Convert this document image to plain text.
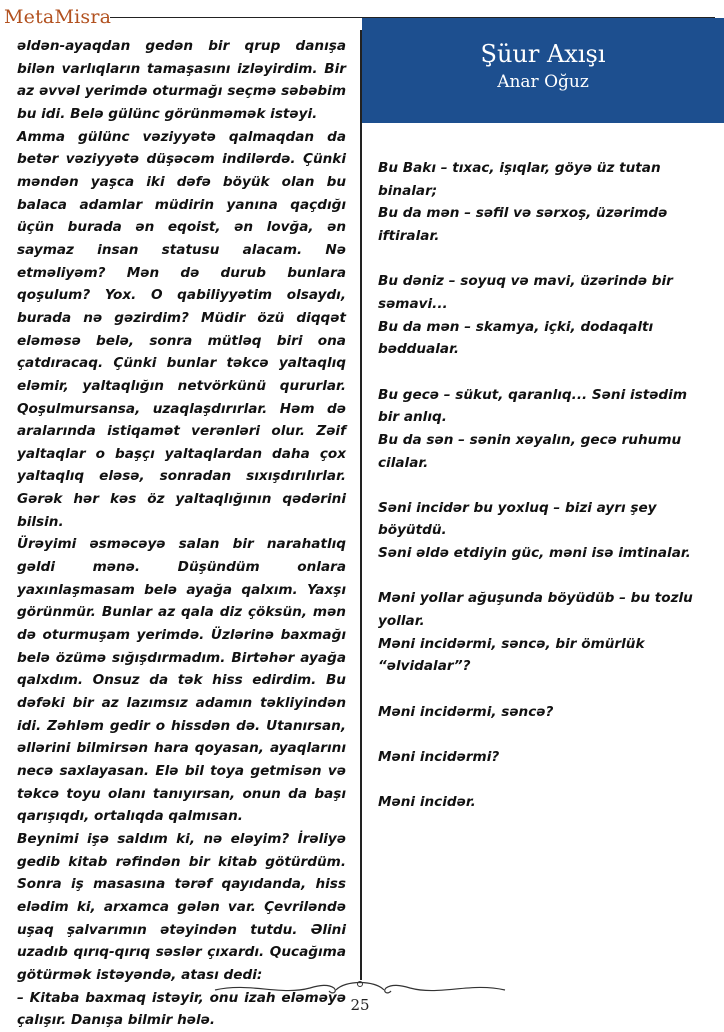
MetaMisra

əldən-ayaqdan gedən bir qrup danışa bilən varlıqların tamaşasını izləyirdim. Bir az əvvəl yerimdə oturmağı seçmə səbəbim bu idi. Belə gülünc görünməmək istəyi.

Amma gülünc vəziyyətə qalmaqdan da betər vəziyyətə düşəcəm indilərdə. Çünki məndən yaşca iki dəfə böyük olan bu balaca adamlar müdirin yanına qaçdığı üçün burada ən eqoist, ən lovğa, ən saymaz insan statusu alacam. Nə etməliyəm? Mən də durub bunlara qoşulum? Yox. O qabiliyyətim olsaydı, burada nə gəzirdim? Müdir özü diqqət eləməsə belə, sonra mütləq biri ona çatdıracaq. Çünki bunlar təkcə yaltaqlıq eləmir, yaltaqlığın netvörkünü qururlar. Qoşulmursansa, uzaqlaşdırırlar. Həm də aralarında istiqamət verənləri olur. Zəif yaltaqlar o başçı yaltaqlardan daha çox yaltaqlıq eləsə, sonradan sıxışdırılırlar. Gərək hər kəs öz yaltaqlığının qədərini bilsin.

Ürəyimi əsməcəyə salan bir narahatlıq gəldi mənə. Düşündüm onlara yaxınlaşmasam belə ayağa qalxım. Yaxşı görünmür. Bunlar az qala diz çöksün, mən də oturmuşam yerimdə. Üzlərinə baxmağı belə özümə sığışdırmadım. Birtəhər ayağa qalxdım. Onsuz da tək hiss edirdim. Bu dəfəki bir az lazımsız adamın təkliyindən idi. Zəhləm gedir o hissdən də. Utanırsan, əllərini bilmirsən hara qoyasan, ayaqlarını necə saxlayasan. Elə bil toya getmisən və təkcə toyu olanı tanıyırsan, onun da başı qarışıqdı, ortalıqda qalmısan.

Beynimi işə saldım ki, nə eləyim? İrəliyə gedib kitab rəfindən bir kitab götürdüm. Sonra iş masasına tərəf qayıdanda, hiss elədim ki, arxamca gələn var. Çevriləndə uşaq şalvarımın ətəyindən tutdu. Əlini uzadıb qırıq-qırıq səslər çıxardı. Qucağıma götürmək istəyəndə, atası dedi:

– Kitaba baxmaq istəyir, onu izah eləməyə çalışır. Danışa bilmir hələ.

Şüur Axışı
Anar Oğuz

Bu Bakı – tıxac, işıqlar, göyə üz tutan binalar;

Bu da mən – səfil və sərxoş, üzərimdə iftiralar.

Bu dəniz – soyuq və mavi, üzərində bir səmavi...

Bu da mən – skamya, içki, dodaqaltı bəddualar.

Bu gecə – sükut, qaranlıq... Səni istədim bir anlıq.

Bu da sən – sənin xəyalın, gecə ruhumu cilalar.

Səni incidər bu yoxluq – bizi ayrı şey böyütdü.

Səni əldə etdiyin güc, məni isə imtinalar.

Məni yollar ağuşunda böyüdüb – bu tozlu yollar.

Məni incidərmi, səncə, bir ömürlük “əlvidalar”?

Məni incidərmi, səncə?

Məni incidərmi?

Məni incidər.

25
